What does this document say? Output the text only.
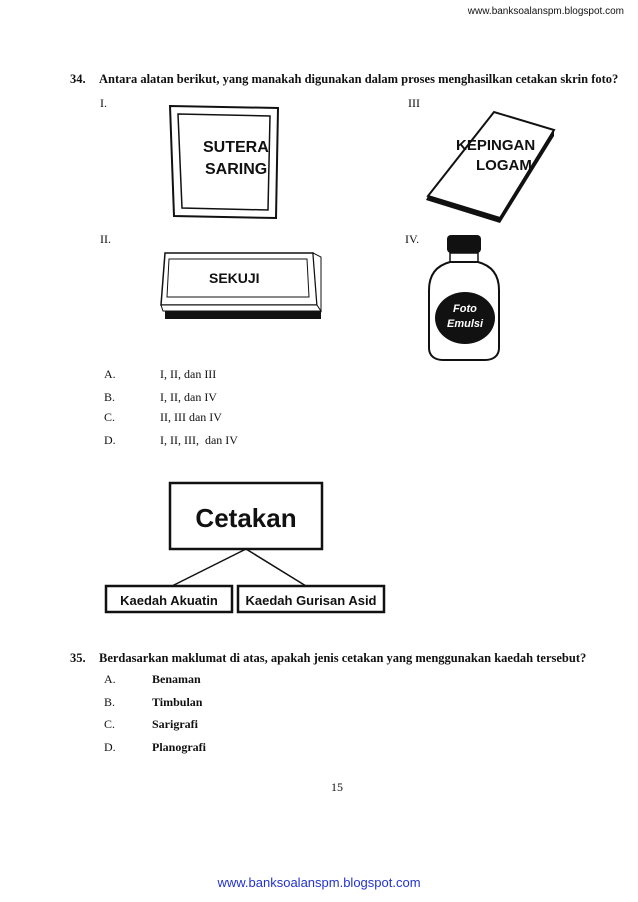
www.banksoalanspm.blogspot.com
34. Antara alatan berikut, yang manakah digunakan dalam proses menghasilkan cetakan skrin foto?
I.	III
II.	IV.
SUTERA
SARING
KEPINGAN
LOGAM
SEKUJI
Foto
Emulsi
A.	I, II, dan III
B.	I, II, dan IV
C.	II, III dan IV
D.	I, II, III,  dan IV
Cetakan
Kaedah Akuatin Kaedah Gurisan Asid
35. Berdasarkan maklumat di atas, apakah jenis cetakan yang menggunakan kaedah tersebut?
A.	Benaman
B.	Timbulan
C.	Sarigrafi
D.	Planografi
15
www.banksoalanspm.blogspot.com
